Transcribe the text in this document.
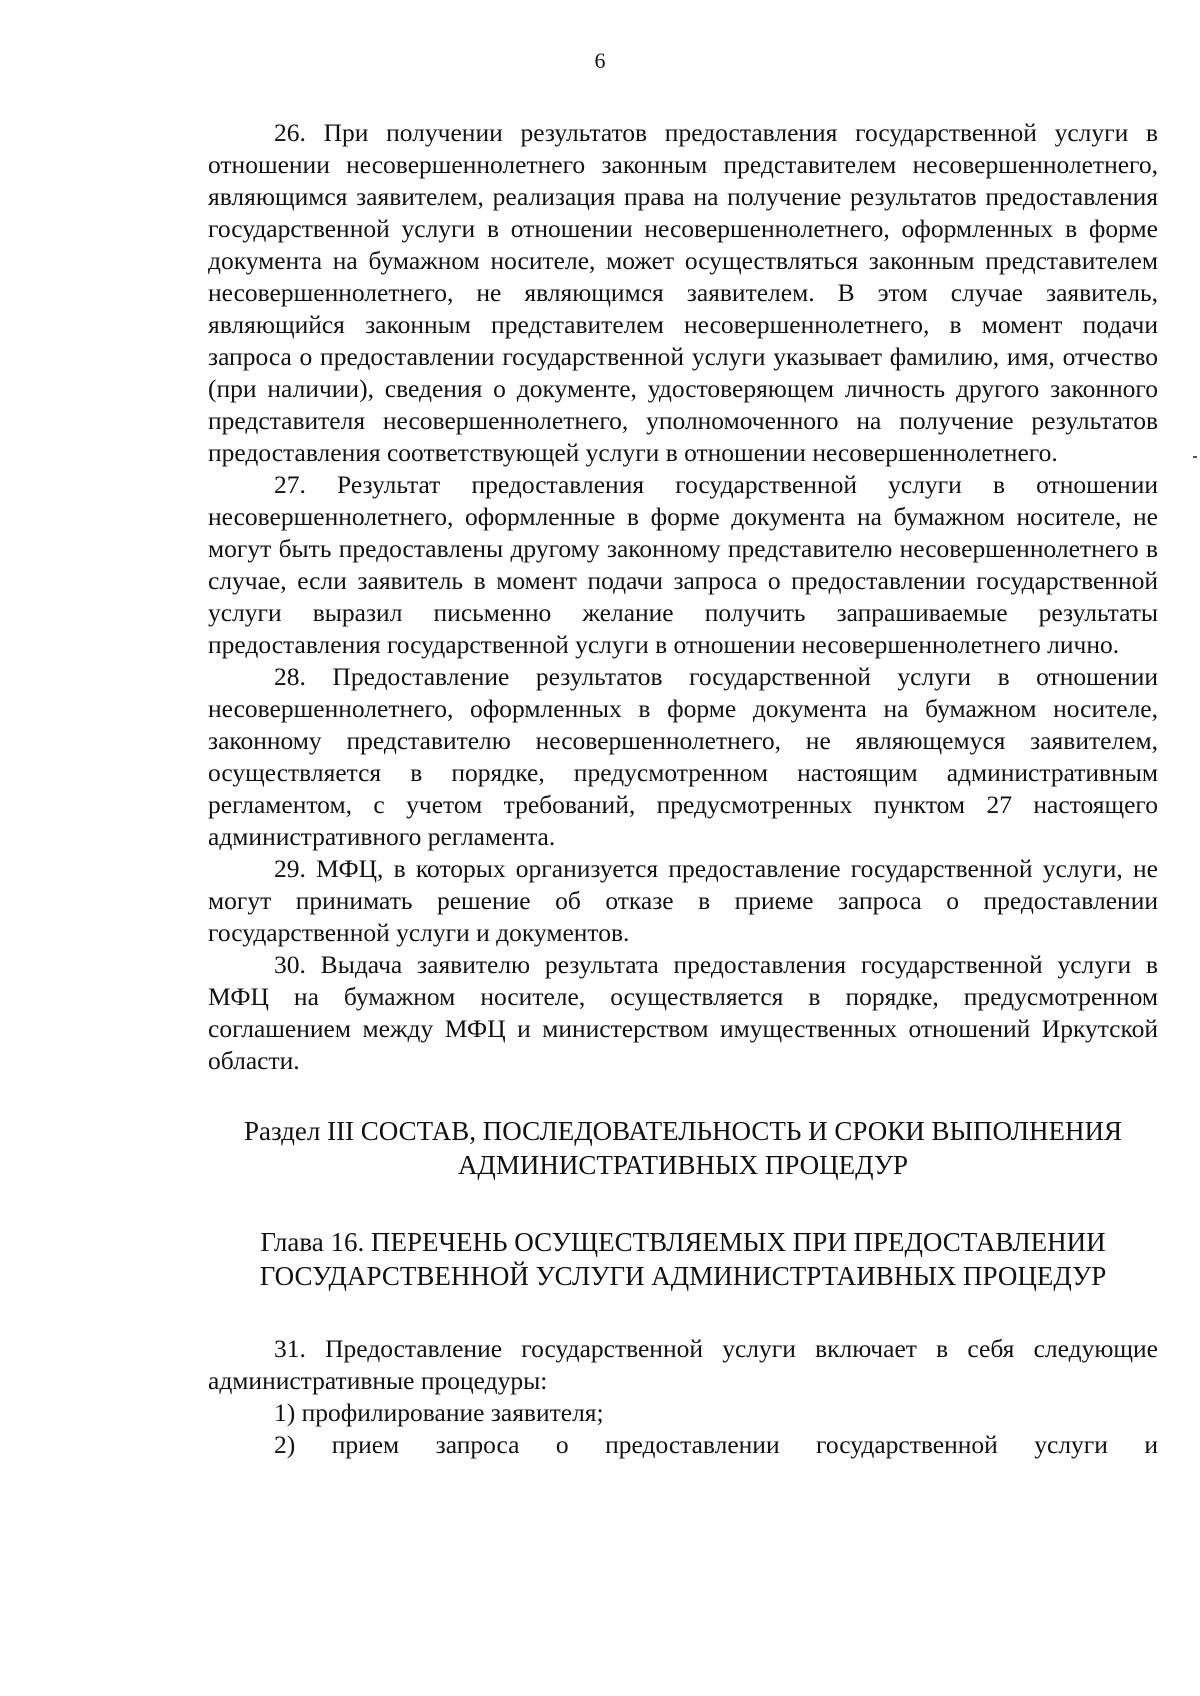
6

26. При получении результатов предоставления государственной услуги в отношении несовершеннолетнего законным представителем несовершеннолетнего, являющимся заявителем, реализация права на получение результатов предоставления государственной услуги в отношении несовершеннолетнего, оформленных в форме документа на бумажном носителе, может осуществляться законным представителем несовершеннолетнего, не являющимся заявителем. В этом случае заявитель, являющийся законным представителем несовершеннолетнего, в момент подачи запроса о предоставлении государственной услуги указывает фамилию, имя, отчество (при наличии), сведения о документе, удостоверяющем личность другого законного представителя несовершеннолетнего, уполномоченного на получение результатов предоставления соответствующей услуги в отношении несовершеннолетнего.

27. Результат предоставления государственной услуги в отношении несовершеннолетнего, оформленные в форме документа на бумажном носителе, не могут быть предоставлены другому законному представителю несовершеннолетнего в случае, если заявитель в момент подачи запроса о предоставлении государственной услуги выразил письменно желание получить запрашиваемые результаты предоставления государственной услуги в отношении несовершеннолетнего лично.

28. Предоставление результатов государственной услуги в отношении несовершеннолетнего, оформленных в форме документа на бумажном носителе, законному представителю несовершеннолетнего, не являющемуся заявителем, осуществляется в порядке, предусмотренном настоящим административным регламентом, с учетом требований, предусмотренных пунктом 27 настоящего административного регламента.

29. МФЦ, в которых организуется предоставление государственной услуги, не могут принимать решение об отказе в приеме запроса о предоставлении государственной услуги и документов.

30. Выдача заявителю результата предоставления государственной услуги в МФЦ на бумажном носителе, осуществляется в порядке, предусмотренном соглашением между МФЦ и министерством имущественных отношений Иркутской области.

Раздел III СОСТАВ, ПОСЛЕДОВАТЕЛЬНОСТЬ И СРОКИ ВЫПОЛНЕНИЯ
АДМИНИСТРАТИВНЫХ ПРОЦЕДУР
Глава 16. ПЕРЕЧЕНЬ ОСУЩЕСТВЛЯЕМЫХ ПРИ ПРЕДОСТАВЛЕНИИ
ГОСУДАРСТВЕННОЙ УСЛУГИ АДМИНИСТРТАИВНЫХ ПРОЦЕДУР

31. Предоставление государственной услуги включает в себя следующие административные процедуры:

1) профилирование заявителя;

2) прием запроса о предоставлении государственной услуги и
